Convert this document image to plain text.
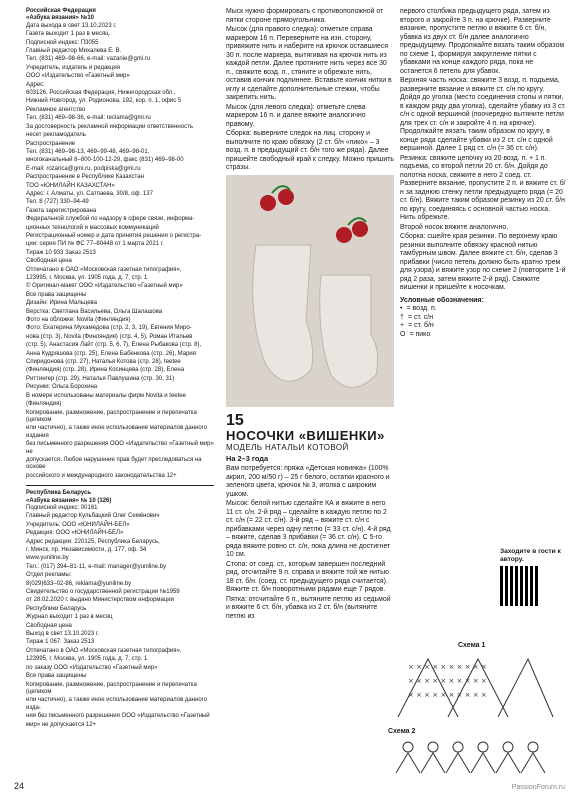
Российская Федерация
«Азбука вязания» №10
Дата выхода в свет 13.10.2023 г.
Газета выходит 1 раз в месяц.
Подписной индекс: П3055
Главный редактор Михалева Е. В.
Тел. (831) 469–98-66, e-mail: vazanie@gmi.ru
Учредитель, издатель и редакция
ООО «Издательство «Газетный мир»
Адрес:
603126, Российская Федерация, Нижегородская обл.,
Нижний Новгород, ул. Родионова, 192, кор. п. 1, офис 5
Рекламное агентство
Тел. (831) 469–98-36, e-mail: reclama@gmi.ru
За достоверность рекламной информации ответственность
несет рекламодатель
Распространение
Тел. (831) 469–98-13, 469–99-48, 469–98-01,
многоканальный 8–800-100-12-29, факс (831) 469–98-00
E-mail: rozarica@gmi.ru, podpiska@gmi.ru
Распространение в Республике Казахстан
ТОО «ЮНИЛАЙН КАЗАХСТАН»
Адрес: г. Алматы, ул. Сатпаева, 30/8, оф. 137
Тел. 8 (727) 330–94-49
Газета зарегистрирована
Федеральной службой по надзору в сфере связи, информа-
ционных технологий и массовых коммуникаций
Регистрационный номер и дата принятия решения о регистра-
ции: серия ПИ № ФС 77–80448 от 1 марта 2021 г.
Тираж 10 933 Заказ 2513
Свободная цена
Отпечатано в ОАО «Московская газетная типография»,
123995, г. Москва, ул. 1905 года, д. 7, стр. 1
© Оригинал-макет ООО «Издательство «Газетный мир»
Все права защищены
Дизайн: Ирина Мальцева
Верстка: Светлана Васильева, Ольга Шалашова
Фото на обложке: Novita (Финляндия)
Фото: Екатерина Мухамедова (стр. 2, 3, 19), Евгения Миро-
нова (стр. 3), Novita (Финляндия) (стр. 4, 5), Роман Итальев
(стр. 5), Анастасия Лайт (стр. 5, 6, 7), Елена Рыбакова (стр. 8),
Анна Кудряшова (стр. 25), Елена Бабенкова (стр. 26), Мария
Спиридонова (стр. 27), Наталья Котова (стр. 28), teetee
(Финляндия) (стр. 28), Ирина Косинцева (стр. 28), Елена
Риттингер (стр. 29), Наталья Павлушина (стр. 30, 31)
Рисунки: Ольга Борохина
В номере использованы материалы фирм Novita и teetee
(Финляндия)
Копирование, размножение, распространение и перепечатка (целиком
или частично), а также иное использование материалов данного издания
без письменного разрешения ООО «Издательство «Газетный мир» не
допускается. Любое нарушение прав будет преследоваться на основе
российского и международного законодательства 12+
Республика Беларусь
«Азбука вязания» № 10 (126)
Подписной индекс: 00161
Главный редактор Кульбацкий Олег Семёнович
Учредитель: ООО «ЮНИЛАЙН-БЕЛ»
Редакция: ООО «ЮНИЛАЙН-БЕЛ»
Адрес редакции: 220125, Республика Беларусь,
г. Минск, пр. Независимости, д. 177, оф. 34
www.yuniline.by
Тел.: (017) 394–81-11, e-mail: manager@yuniline.by
Отдел рекламы:
8(029)633–02-86, reklama@yuniline.by
Свидетельство о государственной регистрации №1959
от 28.02.2020 г. выдано Министерством информации
Республики Беларусь
Журнал выходит 1 раз в месяц
Свободная цена
Выход в свет 13.10.2023 г.
Тираж 1 067. Заказ 2513
Отпечатано в ОАО «Московская газетная типография»,
123995, г. Москва, ул. 1905 года, д. 7, стр. 1
по заказу ООО «Издательство «Газетный мир»
Все права защищены
Копирование, размножение, распространение и перепечатка (целиком
или частично), а также иное использование материалов данного изда-
ния без письменного разрешения ООО «Издательство «Газетный
мир» не допускается 12+
Мыск нужно формировать с противоположной от пятки стороне прямоугольника.
Мысок (для правого следка): отметьте справа маркером 16 п. Переверните на изн. сторону, привяжите нить и наберите на крючок оставшиеся 30 п. после маркера, вытягивая на крючок нить из каждой петли. Далее протяните нить через все 30 п., свяжите возд. п., стяните и обрежьте нить, оставив кончик подлиннее. Вставьте кончик нитки в иглу и сделайте дополнительные стежки, чтобы закрепить нить.
Мысок (для левого следка): отметьте слева маркером 16 п. и далее вяжите аналогично правому.
Сборка: выверните следок на лиц. сторону и выполните по краю обвязку (2 ст. б/н «пико» – 3 возд. п. в предыдущий ст. б/н того же ряда). Далее пришейте свободный край к следку. Можно пришить стразы.
15
НОСОЧКИ «ВИШЕНКИ»
МОДЕЛЬ НАТАЛЬИ КОТОВОЙ
На 2–3 года
Вам потребуется: пряжа «Детская новинка» (100% акрил, 200 м/50 г) – 25 г белого, остатки красного и зеленого цвета, крючок № 3, иголка с широким ушком.
Мысок: белой нитью сделайте КА и вяжите в него 11 ст. с/н. 2-й ряд – сделайте в каждую петлю по 2 ст. с/н (= 22 ст. с/н). 3-й ряд – вяжите ст. с/н с прибавками через одну петлю (= 33 ст. с/н). 4-й ряд – вяжите, сделав 3 прибавки (= 36 ст. с/н). С 5-го ряда вяжите ровно ст. с/н, пока длина не достигнет 10 см.
Стопа: от соед. ст., которым завершен последний ряд, отсчитайте 9 п. справа и вяжите той же нитью 18 ст. б/н. (соед. ст. предыдущего ряда считается). Вяжите ст. б/н поворотными рядами еще 7 рядов.
Пятка: отсчитайте 6 п., вытяните петлю из седьмой и вяжите 6 ст. б/н, убавка из 2 ст. б/н (вытяните петлю из
первого столбика предыдущего ряда, затем из второго и закройте 3 п. на крючке). Разверните вязание, пропустите петлю и вяжите 6 ст. б/н, убавка из двух ст. б/н далее аналогично предыдущему. Продолжайте вязать таким образом по схеме 1, формируя закругление пятки с убавками на конце каждого ряда, пока не останется 6 петель для убавок.
Верхняя часть носка: свяжите 3 возд. п. подъема, разверните вязание и вяжите ст. с/н по кругу. Дойдя до уголка (место соединения стопы и пятки, в каждом ряду два уголка), сделайте убавку из 3 ст. с/н с одной вершиной (поочередно вытяните петли для трех ст. с/н и закройте 4 п. на крючке). Продолжайте вязать таким образом по кругу, в конце ряда сделайте убавки из 2 ст. с/н с одной вершиной. Далее 1 ряд ст. с/н (= 36 ст. с/н).
Резинка: свяжите цепочку из 20 возд. п. + 1 п. подъема, со второй петли 20 ст. б/н. Дойдя до полотна носка, свяжите в него 2 соед. ст. Разверните вязание, пропустите 2 п. и вяжите ст. б/н за заднюю стенку петли предыдущего ряда (= 20 ст. б/н). Вяжите таким образом резинку из 20 ст. б/н по кругу, соединяясь с основной частью носка. Нить обрежьте.
Второй носок вяжите аналогично.
Сборка: сшейте края резинки. По верхнему краю резинки выполните обвязку красной нитью тамбурным швом. Далее вяжите ст. б/н, сделав 3 прибавки (число петель должно быть кратно трем для узора) и вяжите узор по схеме 2 (повторите 1-й ряд 2 раза, затем вяжите 2-й ряд). Свяжите вишенки и пришейте к носочкам.
Условные обозначения:
• = возд. п.
† = ст. с/н
+ = ст. б/н
Ο = пико
Заходите в гости к автору.
Схема 1
× × × × × × × × × ×
× × × × × × × × × ×
× × × × × × × × × ×
Схема 2
24	PassionForum.ru
